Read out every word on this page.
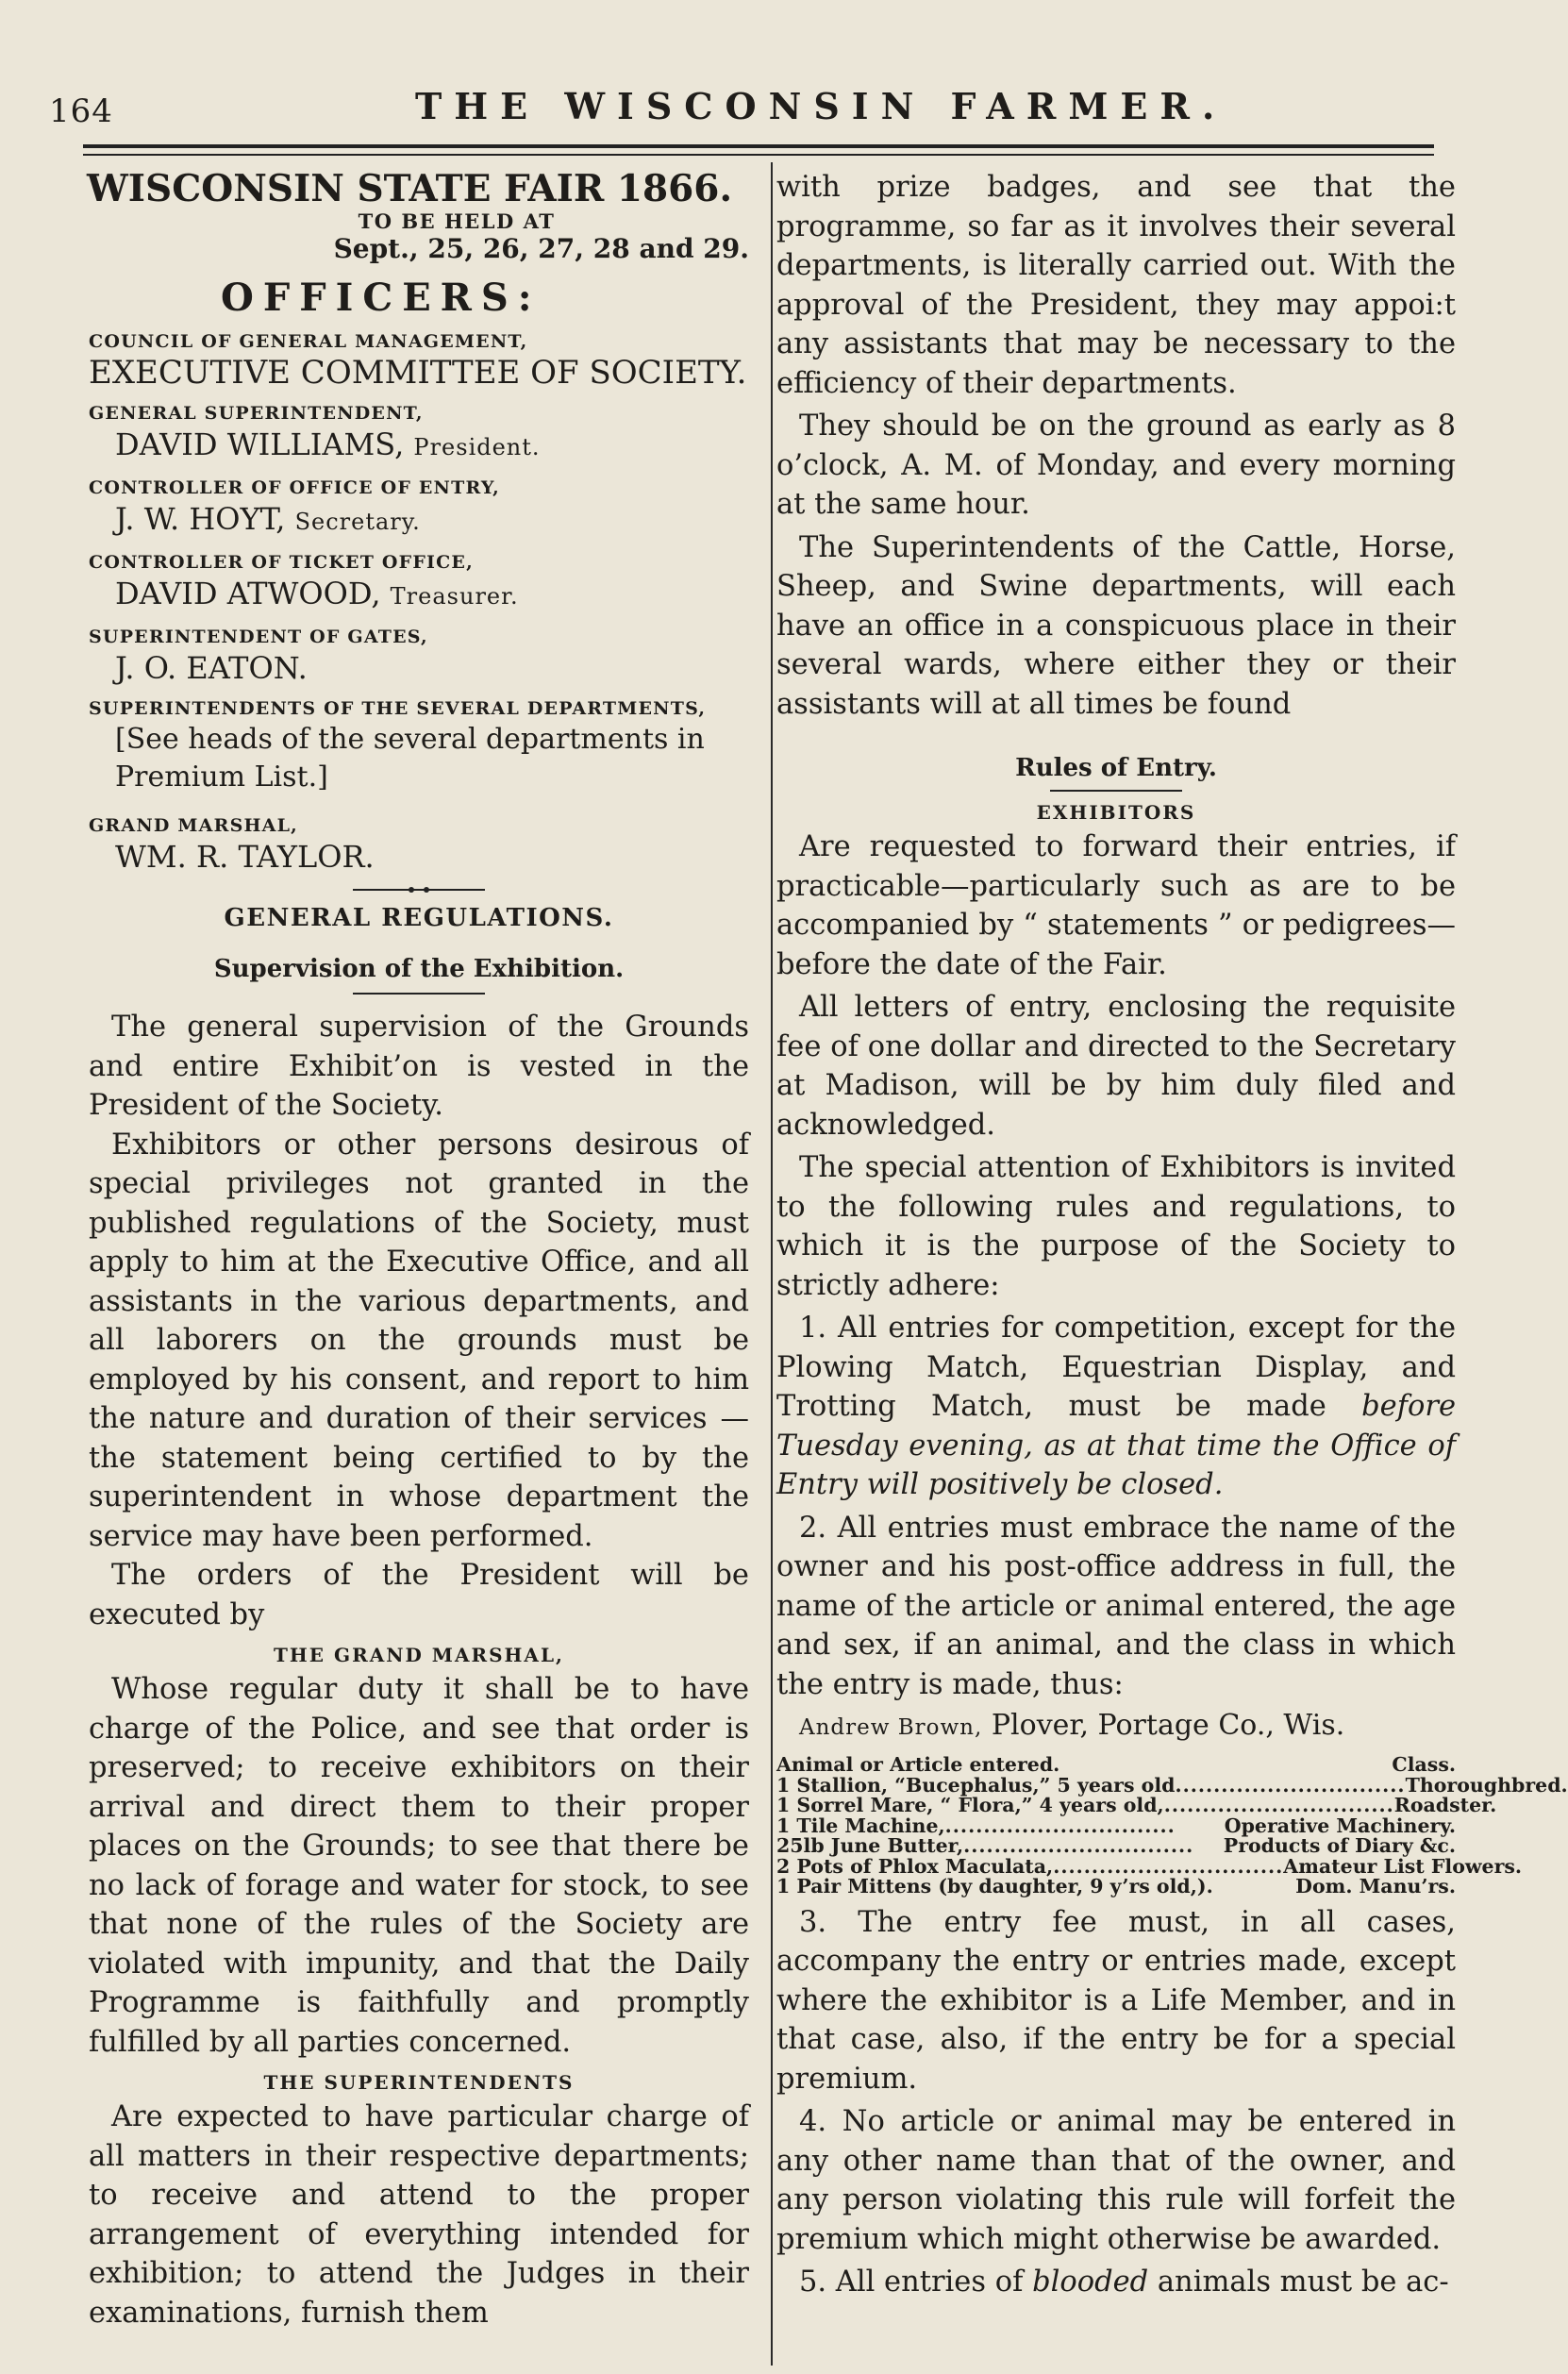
164	THE WISCONSIN FARMER.
WISCONSIN STATE FAIR 1866.
TO BE HELD AT
Sept., 25, 26, 27, 28 and 29.
OFFICERS:
COUNCIL OF GENERAL MANAGEMENT,
EXECUTIVE COMMITTEE OF SOCIETY.
GENERAL SUPERINTENDENT,
DAVID WILLIAMS, President.
CONTROLLER OF OFFICE OF ENTRY,
J. W. HOYT, Secretary.
CONTROLLER OF TICKET OFFICE,
DAVID ATWOOD, Treasurer.
SUPERINTENDENT OF GATES,
J. O. EATON.
SUPERINTENDENTS OF THE SEVERAL DEPARTMENTS,
[See heads of the several departments in Premium List.]
GRAND MARSHAL,
WM. R. TAYLOR.
GENERAL REGULATIONS.
Supervision of the Exhibition.

The general supervision of the Grounds and entire Exhibit’on is vested in the President of the Society.

Exhibitors or other persons desirous of special privileges not granted in the published regulations of the Society, must apply to him at the Executive Office, and all assistants in the various departments, and all laborers on the grounds must be employed by his consent, and report to him the nature and duration of their services —the statement being certified to by the superintendent in whose department the service may have been performed.

The orders of the President will be executed by

THE GRAND MARSHAL,

Whose regular duty it shall be to have charge of the Police, and see that order is preserved; to receive exhibitors on their arrival and direct them to their proper places on the Grounds; to see that there be no lack of forage and water for stock, to see that none of the rules of the Society are violated with impunity, and that the Daily Programme is faithfully and promptly fulfilled by all parties concerned.

THE SUPERINTENDENTS

Are expected to have particular charge of all matters in their respective departments; to receive and attend to the proper arrangement of everything intended for exhibition; to attend the Judges in their examinations, furnish them

with prize badges, and see that the programme, so far as it involves their several departments, is literally carried out. With the approval of the President, they may appoi:t any assistants that may be necessary to the efficiency of their departments.

They should be on the ground as early as 8 o’clock, A. M. of Monday, and every morning at the same hour.

The Superintendents of the Cattle, Horse, Sheep, and Swine departments, will each have an office in a conspicuous place in their several wards, where either they or their assistants will at all times be found

Rules of Entry.
EXHIBITORS

Are requested to forward their entries, if practicable—particularly such as are to be accompanied by “ statements ” or pedigrees—before the date of the Fair.

All letters of entry, enclosing the requisite fee of one dollar and directed to the Secretary at Madison, will be by him duly filed and acknowledged.

The special attention of Exhibitors is invited to the following rules and regulations, to which it is the purpose of the Society to strictly adhere:

1. All entries for competition, except for the Plowing Match, Equestrian Display, and Trotting Match, must be made before Tuesday evening, as at that time the Office of Entry will positively be closed.

2. All entries must embrace the name of the owner and his post-office address in full, the name of the article or animal entered, the age and sex, if an animal, and the class in which the entry is made, thus:

Andrew Brown, Plover, Portage Co., Wis.
Animal or Article entered.	Class.
1 Stallion, “Bucephalus,” 5 years old .............................. Thoroughbred.
1 Sorrel Mare, “ Flora,” 4 years old, .............................. Roadster.
1 Tile Machine, ..............................	Operative Machinery.
25lb June Butter, ..............................	Products of Diary &c.
2 Pots of Phlox Maculata, .............................. Amateur List Flowers.
1 Pair Mittens (by daughter, 9 y’rs old,).	Dom. Manu’rs.

3. The entry fee must, in all cases, accompany the entry or entries made, except where the exhibitor is a Life Member, and in that case, also, if the entry be for a special premium.

4. No article or animal may be entered in any other name than that of the owner, and any person violating this rule will forfeit the premium which might otherwise be awarded.

5. All entries of blooded animals must be ac-
